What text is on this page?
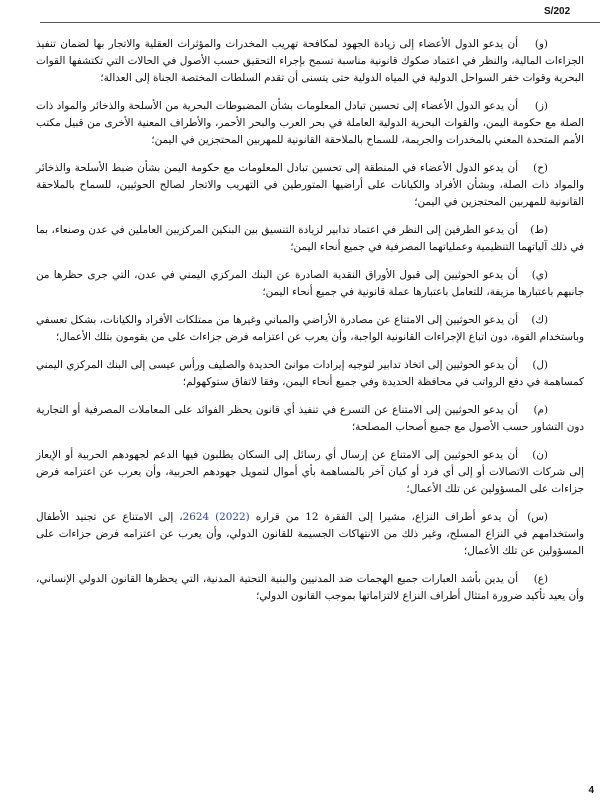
S/202

(و)أن يدعو الدول الأعضاء إلى زيادة الجهود لمكافحة تهريب المخدرات والمؤثرات العقلية والاتجار بها لضمان تنفيذ الجزاءات المالية، والنظر في اعتماد صكوك قانونية مناسبة تسمح بإجراء التحقيق حسب الأصول في الحالات التي تكتشفها القوات البحرية وقوات خفر السواحل الدولية في المياه الدولية حتى يتسنى أن تقدم السلطات المختصة الجناة إلى العدالة؛

(ز)أن يدعو الدول الأعضاء إلى تحسين تبادل المعلومات بشأن المضبوطات البحرية من الأسلحة والذخائر والمواد ذات الصلة مع حكومة اليمن، والقوات البحرية الدولية العاملة في بحر العرب والبحر الأحمر، والأطراف المعنية الأخرى من قبيل مكتب الأمم المتحدة المعني بالمخدرات والجريمة، للسماح بالملاحقة القانونية للمهربين المحتجزين في اليمن؛

(ح)أن يدعو الدول الأعضاء في المنطقة إلى تحسين تبادل المعلومات مع حكومة اليمن بشأن ضبط الأسلحة والذخائر والمواد ذات الصلة، وبشأن الأفراد والكيانات على أراضيها المتورطين في التهريب والاتجار لصالح الحوثيين، للسماح بالملاحقة القانونية للمهربين المحتجزين في اليمن؛

(ط)أن يدعو الطرفين إلى النظر في اعتماد تدابير لزيادة التنسيق بين البنكين المركزيين العاملين في عدن وصنعاء، بما في ذلك آلياتهما التنظيمية وعملياتهما المصرفية في جميع أنحاء اليمن؛

(ي)أن يدعو الحوثيين إلى قبول الأوراق النقدية الصادرة عن البنك المركزي اليمني في عدن، التي جرى حظرها من جانبهم باعتبارها مزيفة، للتعامل باعتبارها عملة قانونية في جميع أنحاء اليمن؛

(ك)أن يدعو الحوثيين إلى الامتناع عن مصادرة الأراضي والمباني وغيرها من ممتلكات الأفراد والكيانات، بشكل تعسفي وباستخدام القوة، دون اتباع الإجراءات القانونية الواجبة، وأن يعرب عن اعتزامه فرض جزاءات على من يقومون بتلك الأعمال؛

(ل)أن يدعو الحوثيين إلى اتخاذ تدابير لتوجيه إيرادات موانئ الحديدة والصليف ورأس عيسى إلى البنك المركزي اليمني كمساهمة في دفع الرواتب في محافظة الحديدة وفي جميع أنحاء اليمن، وفقا لاتفاق ستوكهولم؛

(م)أن يدعو الحوثيين إلى الامتناع عن التسرع في تنفيذ أي قانون يحظر الفوائد على المعاملات المصرفية أو التجارية دون التشاور حسب الأصول مع جميع أصحاب المصلحة؛

(ن)أن يدعو الحوثيين إلى الامتناع عن إرسال أي رسائل إلى السكان يطلبون فيها الدعم لجهودهم الحربية أو الإيعاز إلى شركات الاتصالات أو إلى أي فرد أو كيان آخر بالمساهمة بأي أموال لتمويل جهودهم الحربية، وأن يعرب عن اعتزامه فرض جزاءات على المسؤولين عن تلك الأعمال؛

(س)أن يدعو أطراف النزاع، مشيرا إلى الفقرة 12 من قراره 2624 (2022)، إلى الامتناع عن تجنيد الأطفال واستخدامهم في النزاع المسلح، وغير ذلك من الانتهاكات الجسيمة للقانون الدولي، وأن يعرب عن اعتزامه فرض جزاءات على المسؤولين عن تلك الأعمال؛

(ع)أن يدين بأشد العبارات جميع الهجمات ضد المدنيين والبنية التحتية المدنية، التي يحظرها القانون الدولي الإنساني، وأن يعيد تأكيد ضرورة امتثال أطراف النزاع لالتزاماتها بموجب القانون الدولي؛

4
